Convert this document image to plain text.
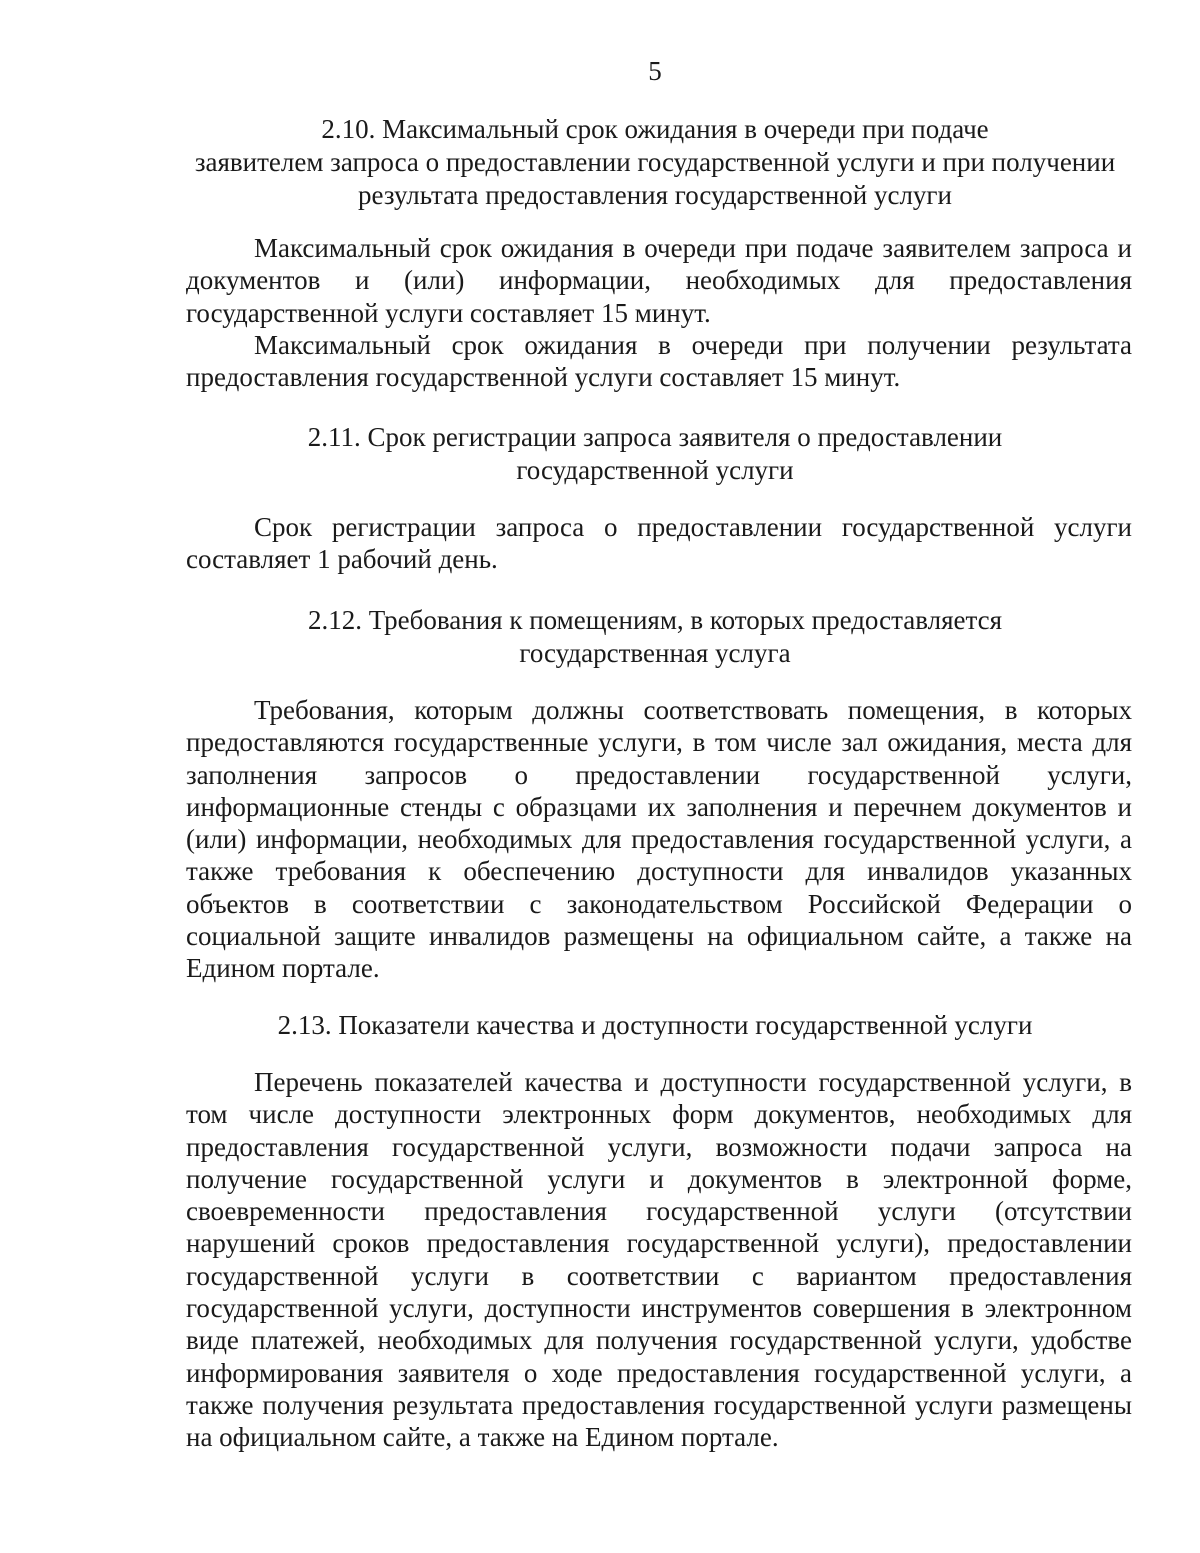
5
2.10. Максимальный срок ожидания в очереди при подаче
заявителем запроса о предоставлении государственной услуги и при получении
результата предоставления государственной услуги

Максимальный срок ожидания в очереди при подаче заявителем запроса и документов и (или) информации, необходимых для предоставления государственной услуги составляет 15 минут.

Максимальный срок ожидания в очереди при получении результата предоставления государственной услуги составляет 15 минут.

2.11. Срок регистрации запроса заявителя о предоставлении
государственной услуги

Срок регистрации запроса о предоставлении государственной услуги составляет 1 рабочий день.

2.12. Требования к помещениям, в которых предоставляется
государственная услуга

Требования, которым должны соответствовать помещения, в которых предоставляются государственные услуги, в том числе зал ожидания, места для заполнения запросов о предоставлении государственной услуги, информационные стенды с образцами их заполнения и перечнем документов и (или) информации, необходимых для предоставления государственной услуги, а также требования к обеспечению доступности для инвалидов указанных объектов в соответствии с законодательством Российской Федерации о социальной защите инвалидов размещены на официальном сайте, а также на Едином портале.

2.13. Показатели качества и доступности государственной услуги

Перечень показателей качества и доступности государственной услуги, в том числе доступности электронных форм документов, необходимых для предоставления государственной услуги, возможности подачи запроса на получение государственной услуги и документов в электронной форме, своевременности предоставления государственной услуги (отсутствии нарушений сроков предоставления государственной услуги), предоставлении государственной услуги в соответствии с вариантом предоставления государственной услуги, доступности инструментов совершения в электронном виде платежей, необходимых для получения государственной услуги, удобстве информирования заявителя о ходе предоставления государственной услуги, а также получения результата предоставления государственной услуги размещены на официальном сайте, а также на Едином портале.
